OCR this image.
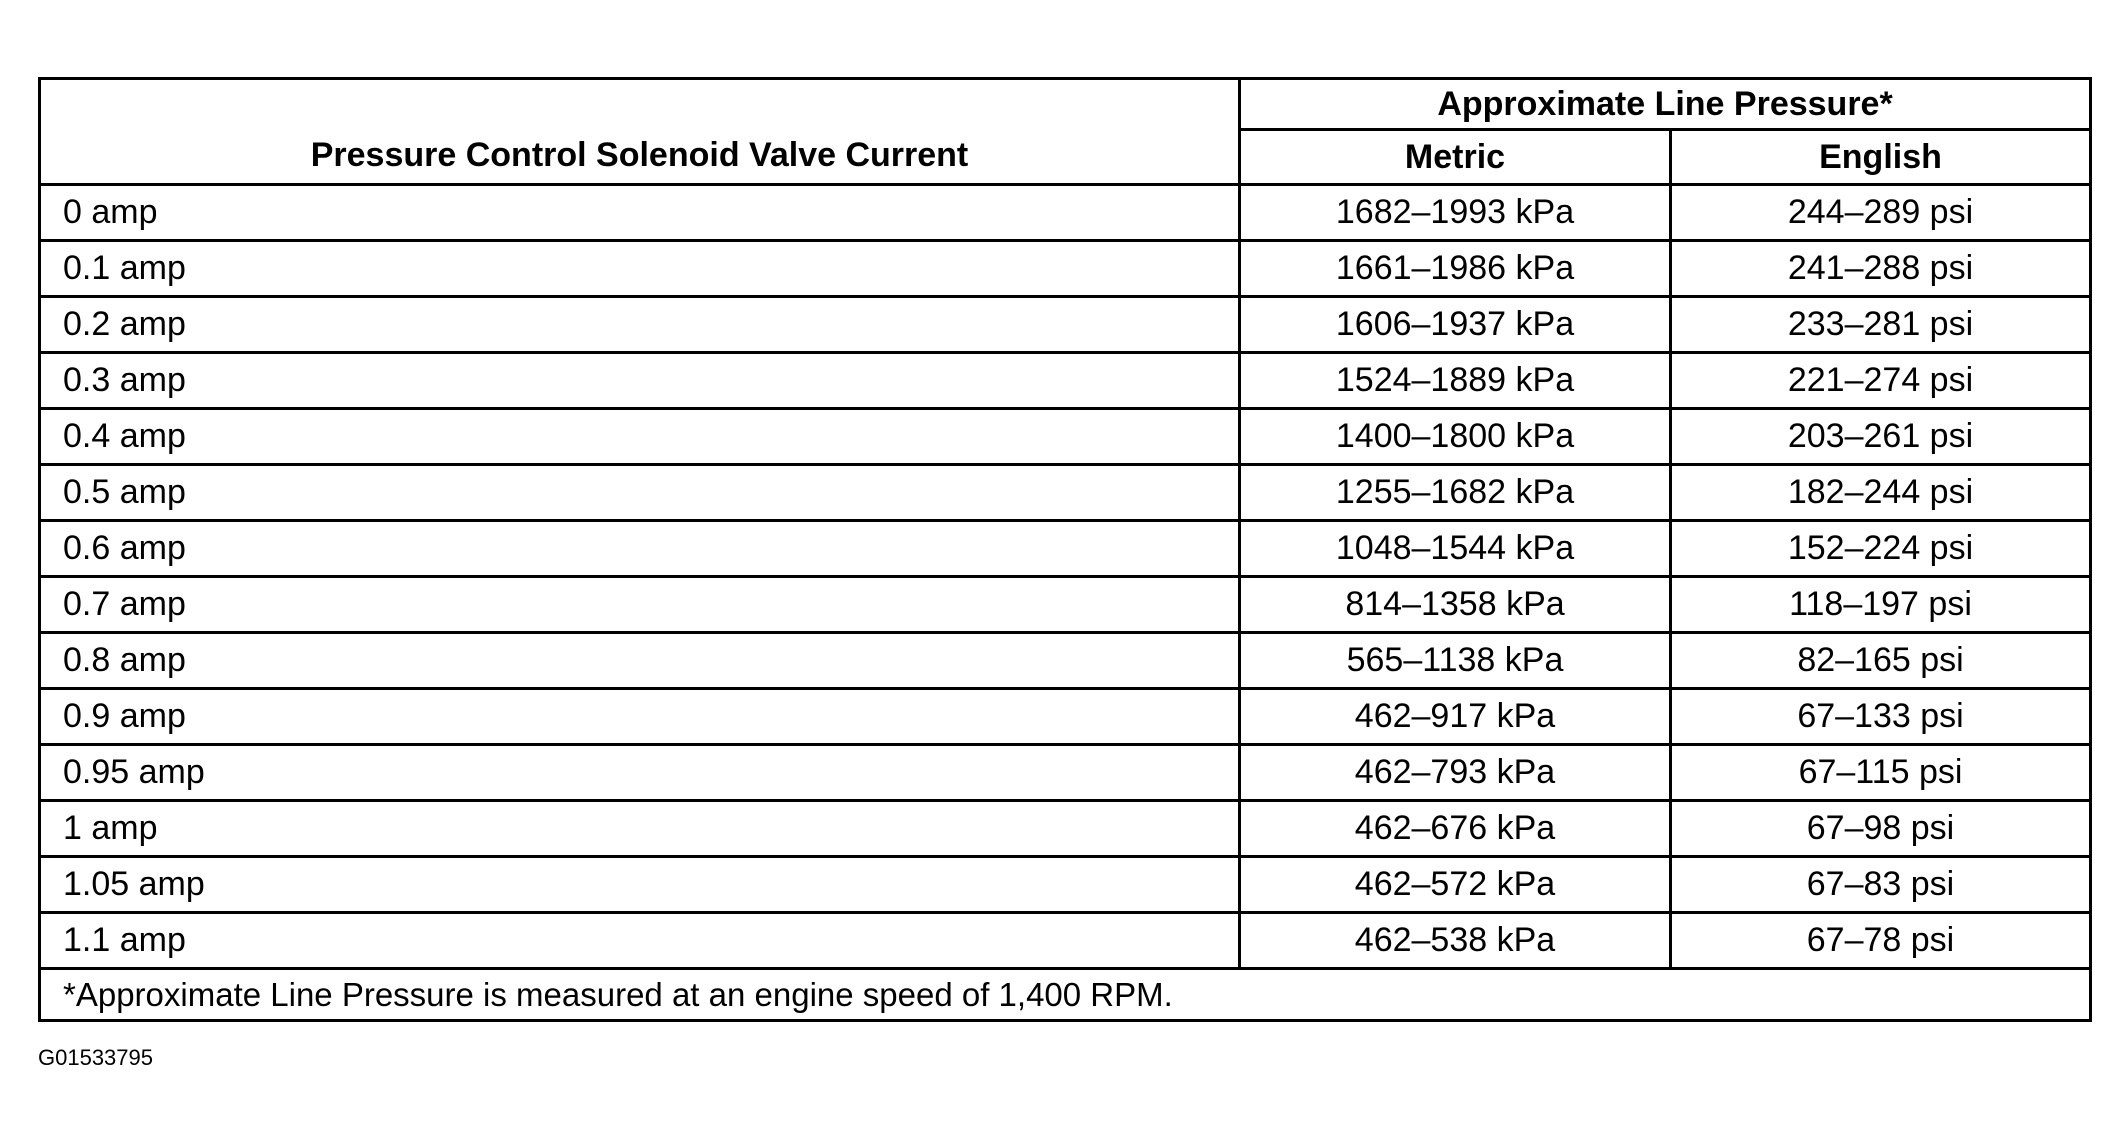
Pressure Control Solenoid Valve Current	Approximate Line Pressure*	
	Metric	English
0 amp	1682–1993 kPa	244–289 psi
0.1 amp	1661–1986 kPa	241–288 psi
0.2 amp	1606–1937 kPa	233–281 psi
0.3 amp	1524–1889 kPa	221–274 psi
0.4 amp	1400–1800 kPa	203–261 psi
0.5 amp	1255–1682 kPa	182–244 psi
0.6 amp	1048–1544 kPa	152–224 psi
0.7 amp	814–1358 kPa	118–197 psi
0.8 amp	565–1138 kPa	82–165 psi
0.9 amp	462–917 kPa	67–133 psi
0.95 amp	462–793 kPa	67–115 psi
1 amp	462–676 kPa	67–98 psi
1.05 amp	462–572 kPa	67–83 psi
1.1 amp	462–538 kPa	67–78 psi
*Approximate Line Pressure is measured at an engine speed of 1,400 RPM.		
G01533795
